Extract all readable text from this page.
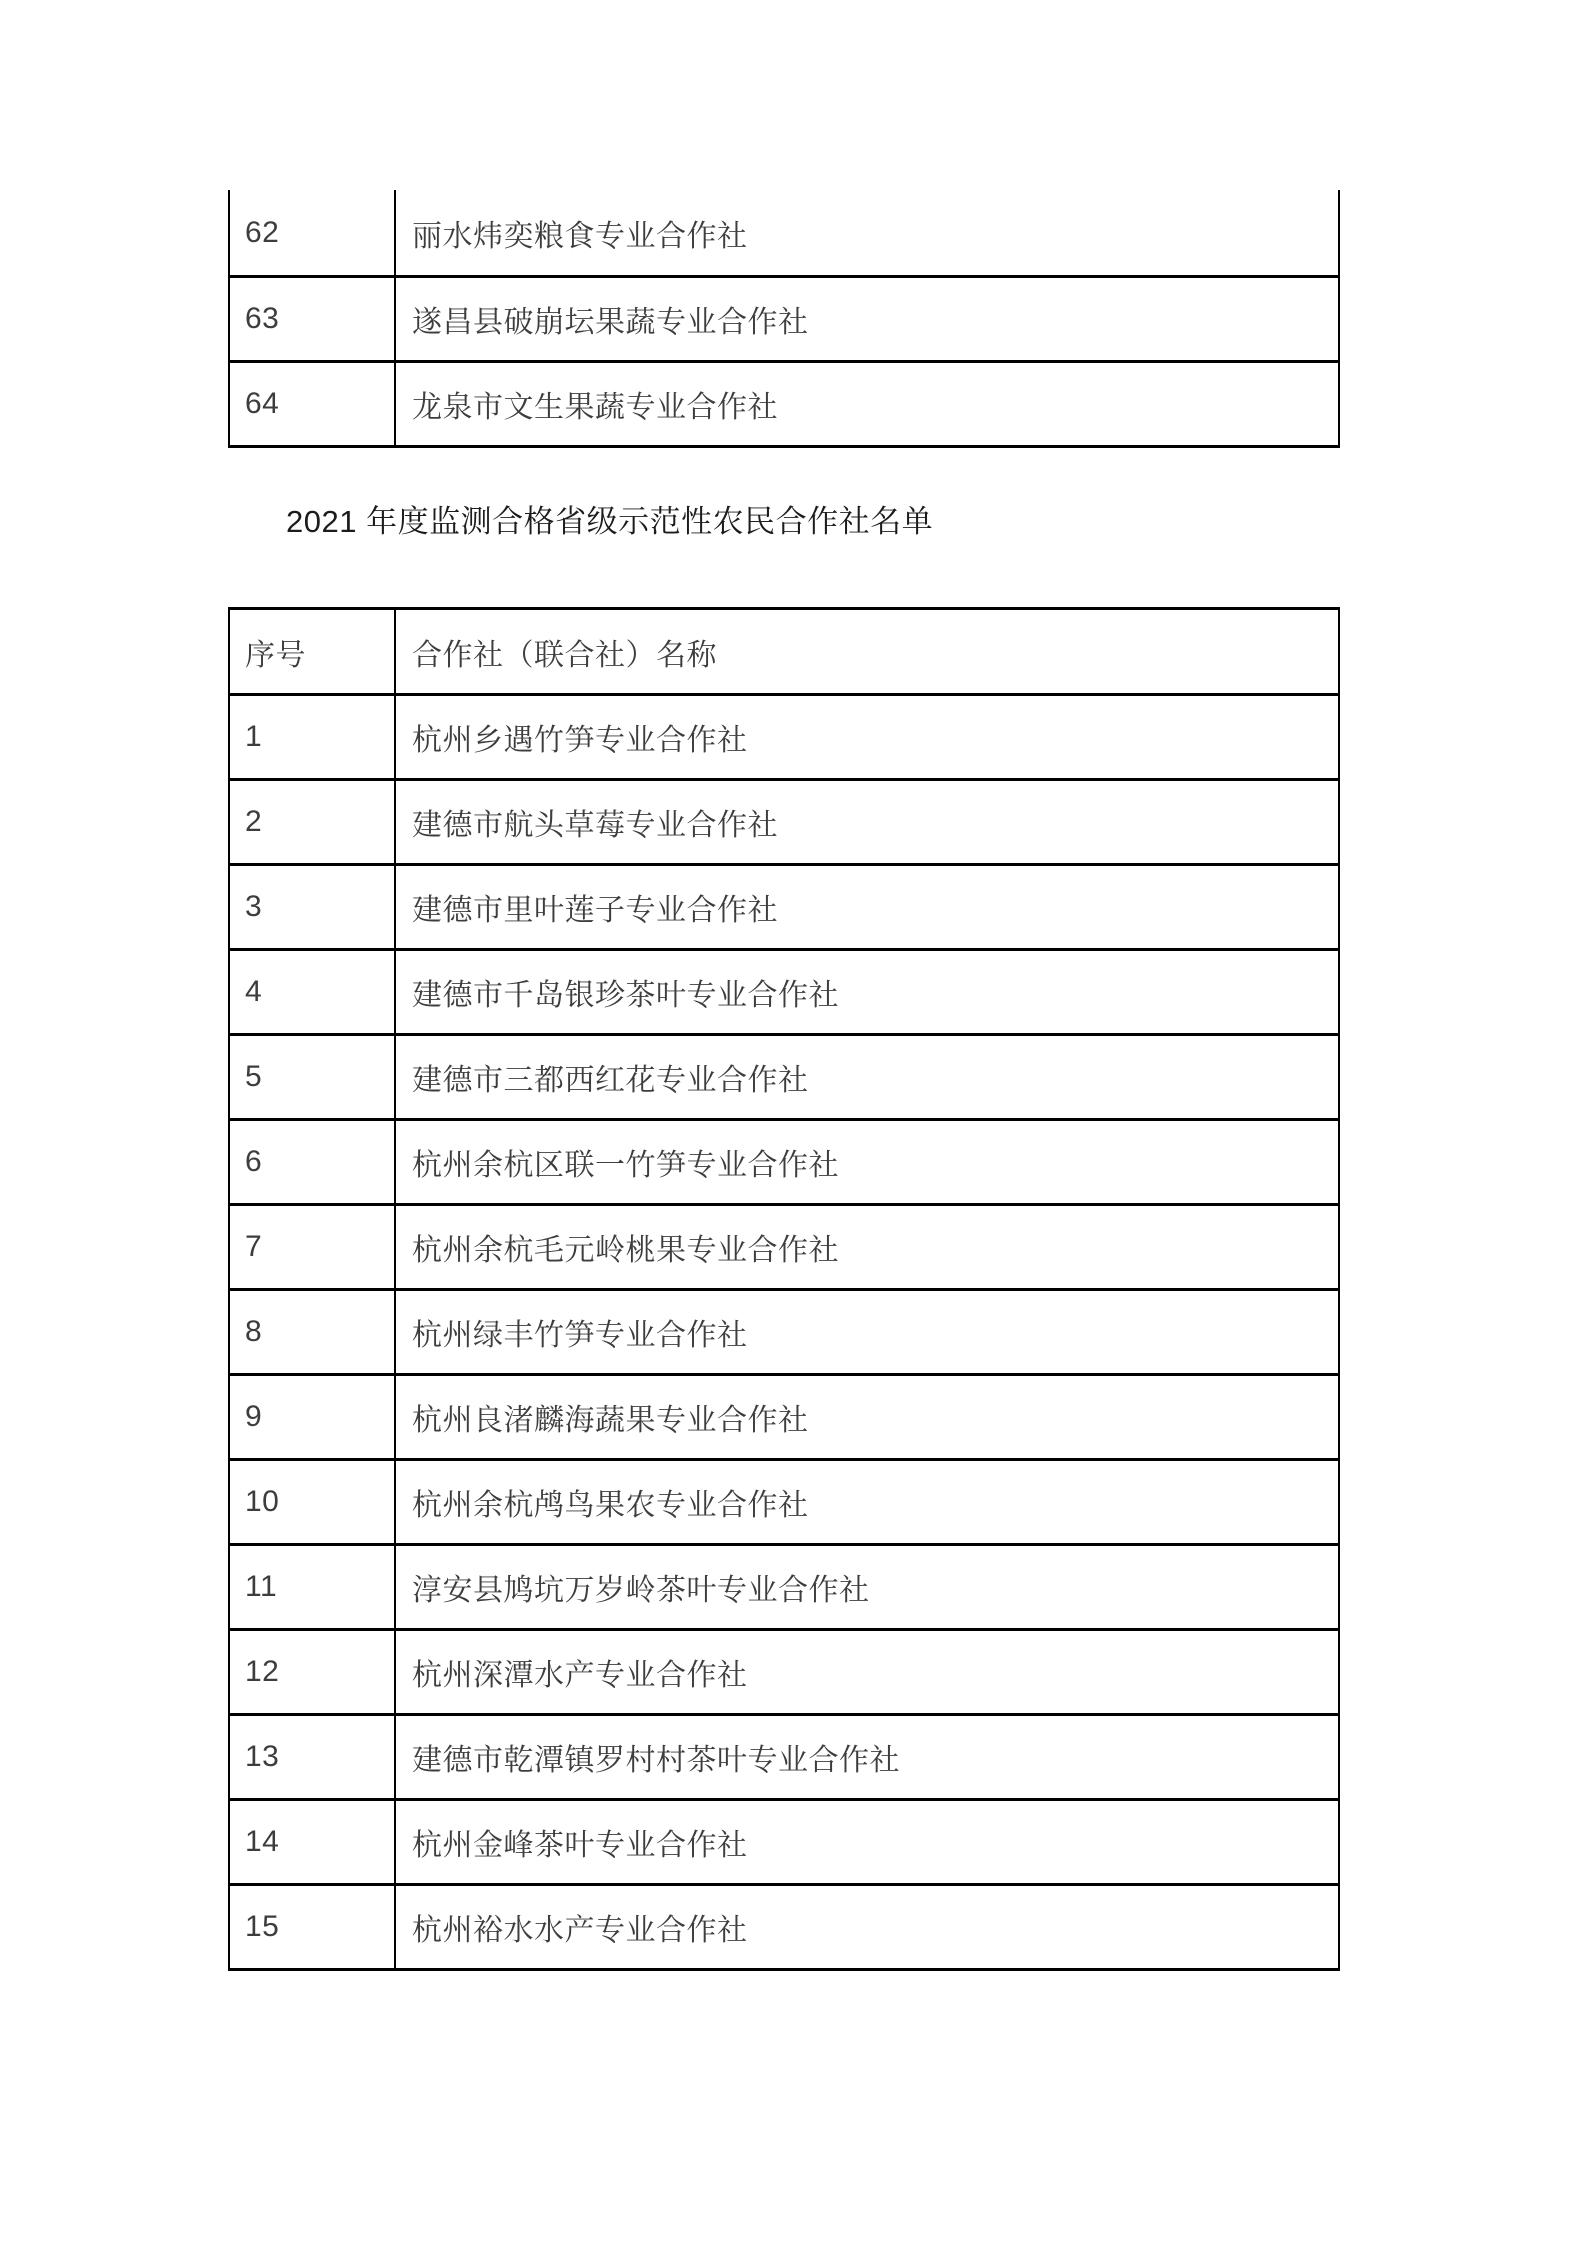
62	丽水炜奕粮食专业合作社
63	遂昌县破崩坛果蔬专业合作社
64	龙泉市文生果蔬专业合作社
2021 年度监测合格省级示范性农民合作社名单
序号	合作社（联合社）名称
1	杭州乡遇竹笋专业合作社
2	建德市航头草莓专业合作社
3	建德市里叶莲子专业合作社
4	建德市千岛银珍茶叶专业合作社
5	建德市三都西红花专业合作社
6	杭州余杭区联一竹笋专业合作社
7	杭州余杭毛元岭桃果专业合作社
8	杭州绿丰竹笋专业合作社
9	杭州良渚麟海蔬果专业合作社
10	杭州余杭鸬鸟果农专业合作社
11	淳安县鸠坑万岁岭茶叶专业合作社
12	杭州深潭水产专业合作社
13	建德市乾潭镇罗村村茶叶专业合作社
14	杭州金峰茶叶专业合作社
15	杭州裕水水产专业合作社
